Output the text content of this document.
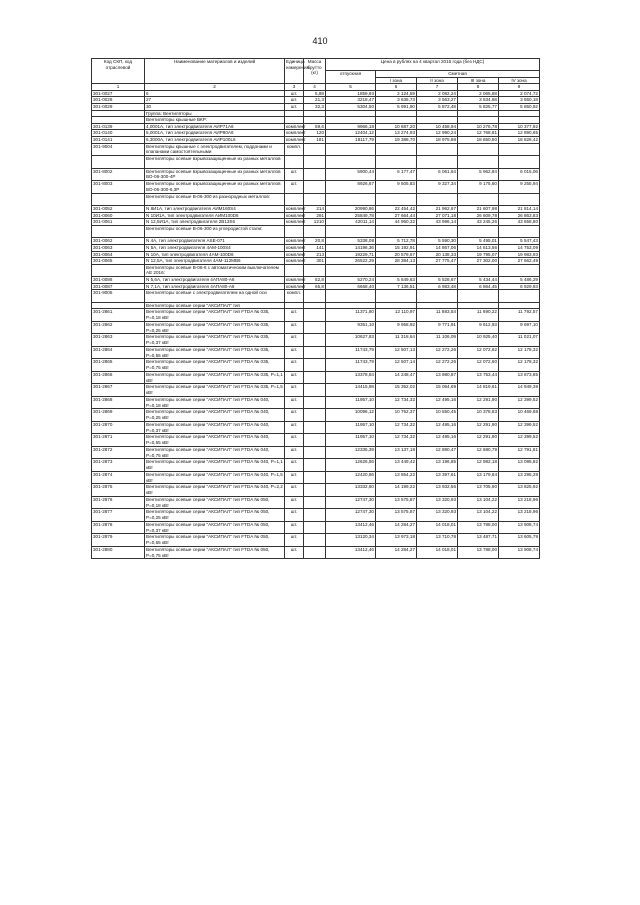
410
Код СКП, код отраслевой	Наименование материалов и изделий	Единица измерения	Масса брутто (кг)	Цена в рублях на 4 квартал 2015 года (без НДС)				
				отпускная	Сметная			
					I зона	II зона	III зона	IV зона
1	2	3	4	5	6	7	8	9
301-0027	6	шт.	5,88	1859,93	2 124,59	2 082,24	2 065,68	2 074,72
301-0028	27	шт.	21,3	3218,47	3 635,73	3 563,27	3 534,68	3 550,18
301-0029	30	шт.	32,3	5304,50	5 991,90	5 872,48	5 825,77	5 850,92
	Группа: Вентиляторы							
	Вентиляторы крышные ВКР:							
301-0139	4,0001А, тип электродвигателя АИР71А6	комплект	59,6	9966,18	10 687,20	10 458,94	10 276,78	10 377,92
301-0140	5,0001А, тип электродвигателя АИР80А6	комплект	120	12404,12	13 274,93	12 990,24	12 768,81	12 890,65
301-0141	6,3000А, тип электродвигателя АИР100L6	комплект	181	18117,79	19 388,70	18 975,88	18 650,50	18 828,42
301-9004	Вентиляторы крышные с электродвигателем, поддонами и клапанами самостоятельными	компл.						
	Вентиляторы осевые взрывозащищенные из разных металлов							
301-8002	Вентиляторы осевые взрывозащищенные из разных металлов ВО-06-300-4Р	шт.		5900,44	6 177,47	6 061,64	5 962,84	6 015,06
301-8003	Вентиляторы осевые взрывозащищенные из разных металлов ВО-06-300-6,3Р	шт.		8926,67	9 505,83	9 327,34	9 175,60	9 255,94
	Вентиляторы осевые В-06-300 из разнородных металлов:							
301-0052	N 8И1А, тип электродвигателя АИМ160S4	комплект	214	20990,86	22 454,42	21 962,67	21 607,98	21 814,14
301-0060	N 10И1А, тип электродвигателя АИМ100D6	комплект	291	25849,78	27 664,44	27 071,18	26 609,78	26 863,83
301-0061	N 12,5И1А, тип электродвигателя 2В13S6	комплект	1210	42011,14	44 960,32	43 996,14	43 245,26	43 658,80
	Вентиляторы осевые В-06-300 из углеродистой стали:							
301-0062	N 4А, тип электродвигателя АSЕ-071	комплект	20,8	5338,08	5 712,78	5 590,30	5 495,01	5 547,43
301-0063	N 5А, тип электродвигателя 4АМ-100S4	комплект	141	14196,36	15 192,91	14 867,06	14 613,56	14 753,09
301-0064	N 10А, тип электродвигателя 4АМ-100D6	комплект	213	19229,71	20 579,67	20 138,33	19 795,07	19 983,93
301-0065	N 12,5А, тип электродвигателя 4АМ-112МВ6	комплект	301	26522,29	28 384,13	27 775,47	27 302,00	27 562,49
	Вентиляторы осевые В-06-6 с автоматическим выключателем АЕ 2016:							
301-0086	N 5,6А, тип электродвигателя 4АПА80-А6	комплект	52,8	5270,24	5 649,63	5 528,67	5 434,44	5 486,29
301-0087	N 7,1А, тип электродвигателя 4АПА80-А6	комплект	65,8	6668,40	7 136,51	6 983,48	6 864,45	6 929,93
301-9005	Вентиляторы осевые с электродвигателем на одной оси	компл.						
	Вентиляторы осевые серии "АКСИПАЛ" тип							
301-2861	Вентиляторы осевые серии "АКСИПАЛ" тип FTDA № 035, Р=0,18 кВт	шт.		11371,80	12 110,97	11 883,54	11 690,22	11 792,57
301-2862	Вентиляторы осевые серии "АКСИПАЛ" тип FTDA № 035, Р=0,25 кВт	шт.		9351,10	9 958,92	9 771,91	9 612,93	9 697,10
301-2863	Вентиляторы осевые серии "АКСИПАЛ" тип FTDA № 035, Р=0,37 кВт	шт.		10627,83	11 318,64	11 106,09	10 925,40	11 021,07
301-2864	Вентиляторы осевые серии "АКСИПАЛ" тип FTDA № 035, Р=0,55 кВт	шт.		11743,79	12 507,13	12 272,26	12 072,62	12 178,32
301-2865	Вентиляторы осевые серии "АКСИПАЛ" тип FTDA № 035, Р=0,75 кВт	шт.		11743,79	12 507,14	12 272,26	12 072,60	12 178,32
301-2866	Вентиляторы осевые серии "АКСИПАЛ" тип FTDA № 035, Р=1,1 кВт	шт.		13378,84	14 248,47	13 980,87	13 753,44	13 873,85
301-2867	Вентиляторы осевые серии "АКСИПАЛ" тип FTDA № 035, Р=1,5 кВт	шт.		14415,98	15 352,02	15 064,69	14 819,61	14 949,39
301-2868	Вентиляторы осевые серии "АКСИПАЛ" тип FTDA № 040, Р=0,18 кВт	шт.		11957,10	12 734,32	12 495,16	12 291,90	12 399,52
301-2869	Вентиляторы осевые серии "АКСИПАЛ" тип FTDA № 040, Р=0,25 кВт	шт.		10096,12	10 752,37	10 550,45	10 378,83	10 469,68
301-2870	Вентиляторы осевые серии "АКСИПАЛ" тип FTDA № 040, Р=0,37 кВт	шт.		11957,10	12 734,32	12 495,16	12 291,90	12 399,52
301-2871	Вентиляторы осевые серии "АКСИПАЛ" тип FTDA № 040, Р=0,55 кВт	шт.		11957,10	12 734,32	12 495,16	12 291,90	12 399,52
301-2872	Вентиляторы осевые серии "АКСИПАЛ" тип FTDA № 040, Р=0,75 кВт	шт.		12335,39	13 137,18	12 890,47	12 680,79	12 791,81
301-2873	Вентиляторы осевые серии "АКСИПАЛ" тип FTDA № 040, Р=1,1 кВт	шт.		12626,56	13 449,42	13 196,85	12 982,18	13 095,82
301-2874	Вентиляторы осевые серии "АКСИПАЛ" тип FTDA № 040, Р=1,5 кВт	шт.		12420,86	13 864,22	13 397,61	13 179,84	13 295,28
301-2875	Вентиляторы осевые серии "АКСИПАЛ" тип FTDA № 040, Р=2,2 кВт	шт.		13332,60	14 199,22	13 932,56	13 705,90	13 825,92
301-2876	Вентиляторы осевые серии "АКСИПАЛ" тип FTDA № 050, Р=0,18 кВт	шт.		12747,30	13 575,87	13 320,93	13 104,22	13 218,96
301-2877	Вентиляторы осевые серии "АКСИПАЛ" тип FTDA № 050, Р=0,25 кВт	шт.		12747,30	13 575,87	13 320,93	13 104,22	13 218,96
301-2878	Вентиляторы осевые серии "АКСИПАЛ" тип FTDA № 050, Р=0,37 кВт	шт.		13412,46	14 284,27	14 018,01	13 788,00	13 908,74
301-2879	Вентиляторы осевые серии "АКСИПАЛ" тип FTDA № 050, Р=0,55 кВт	шт.		13120,34	13 973,18	13 710,78	13 487,71	13 605,79
301-2880	Вентиляторы осевые серии "АКСИПАЛ" тип FTDA № 050, Р=0,75 кВт	шт.		13412,46	14 284,27	14 018,01	13 788,00	13 908,74
